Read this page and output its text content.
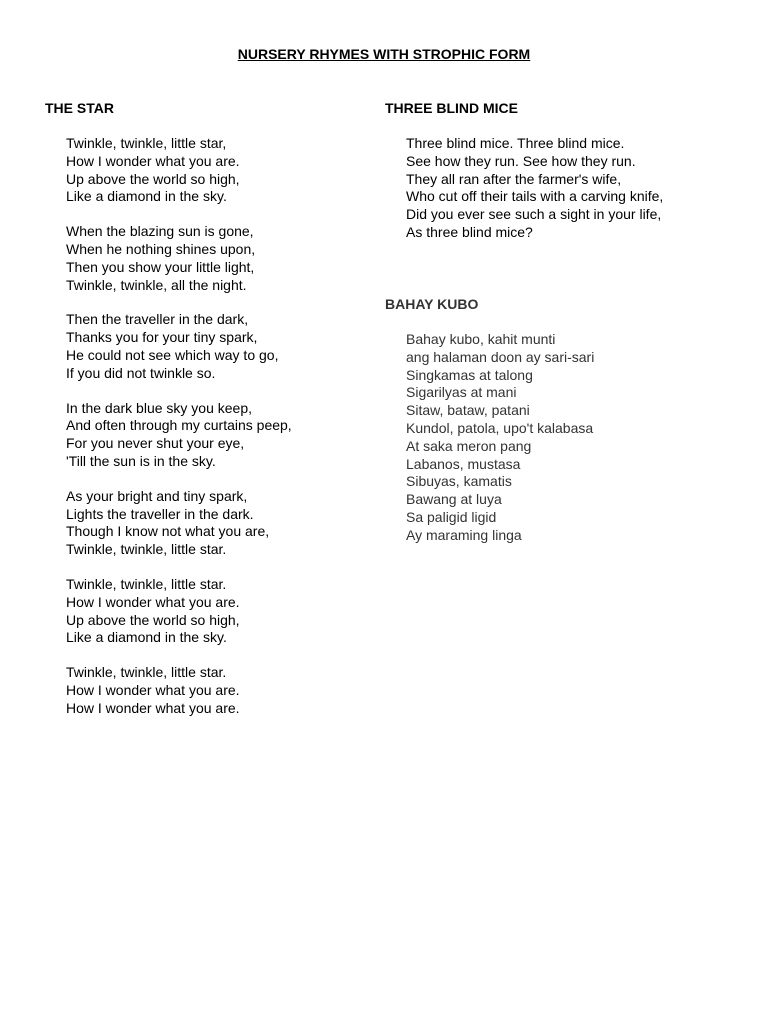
NURSERY RHYMES WITH STROPHIC FORM
THE STAR
Twinkle, twinkle, little star,
How I wonder what you are.
Up above the world so high,
Like a diamond in the sky.
When the blazing sun is gone,
When he nothing shines upon,
Then you show your little light,
Twinkle, twinkle, all the night.
Then the traveller in the dark,
Thanks you for your tiny spark,
He could not see which way to go,
If you did not twinkle so.
In the dark blue sky you keep,
And often through my curtains peep,
For you never shut your eye,
'Till the sun is in the sky.
As your bright and tiny spark,
Lights the traveller in the dark.
Though I know not what you are,
Twinkle, twinkle, little star.
Twinkle, twinkle, little star.
How I wonder what you are.
Up above the world so high,
Like a diamond in the sky.
Twinkle, twinkle, little star.
How I wonder what you are.
How I wonder what you are.
THREE BLIND MICE
Three blind mice. Three blind mice.
See how they run. See how they run.
They all ran after the farmer's wife,
Who cut off their tails with a carving knife,
Did you ever see such a sight in your life,
As three blind mice?
BAHAY KUBO
Bahay kubo, kahit munti
ang halaman doon ay sari-sari
Singkamas at talong
Sigarilyas at mani
Sitaw, bataw, patani
Kundol, patola, upo't kalabasa
At saka meron pang
Labanos, mustasa
Sibuyas, kamatis
Bawang at luya
Sa paligid ligid
Ay maraming linga
